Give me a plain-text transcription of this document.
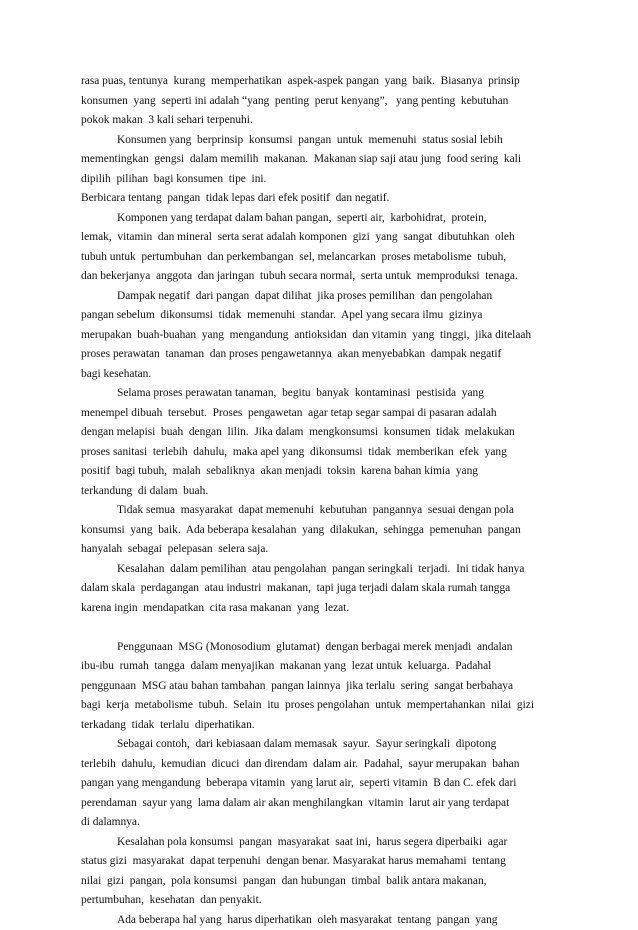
rasa puas, tentunya  kurang  memperhatikan  aspek-aspek pangan  yang  baik.  Biasanya  prinsip
konsumen  yang  seperti ini adalah “yang  penting  perut kenyang”,   yang penting  kebutuhan
pokok makan  3 kali sehari terpenuhi.
Konsumen yang  berprinsip  konsumsi  pangan  untuk  memenuhi  status sosial lebih
mementingkan  gengsi  dalam memilih  makanan.  Makanan siap saji atau jung  food sering  kali
dipilih  pilihan  bagi konsumen  tipe  ini.
Berbicara tentang  pangan  tidak lepas dari efek positif  dan negatif.
Komponen yang terdapat dalam bahan pangan,  seperti air,  karbohidrat,  protein,
lemak,  vitamin  dan mineral  serta serat adalah komponen  gizi  yang  sangat  dibutuhkan  oleh
tubuh untuk  pertumbuhan  dan perkembangan  sel, melancarkan  proses metabolisme  tubuh,
dan bekerjanya  anggota  dan jaringan  tubuh secara normal,  serta untuk  memproduksi  tenaga.
Dampak negatif  dari pangan  dapat dilihat  jika proses pemilihan  dan pengolahan
pangan sebelum  dikonsumsi  tidak  memenuhi  standar.  Apel yang secara ilmu  gizinya
merupakan  buah-buahan  yang  mengandung  antioksidan  dan vitamin  yang  tinggi,  jika ditelaah
proses perawatan  tanaman  dan proses pengawetannya  akan menyebabkan  dampak negatif
bagi kesehatan.
Selama proses perawatan tanaman,  begitu  banyak  kontaminasi  pestisida  yang
menempel dibuah  tersebut.  Proses  pengawetan  agar tetap segar sampai di pasaran adalah
dengan melapisi  buah  dengan  lilin.  Jika dalam  mengkonsumsi  konsumen  tidak  melakukan
proses sanitasi  terlebih  dahulu,  maka apel yang  dikonsumsi  tidak  memberikan  efek  yang
positif  bagi tubuh,  malah  sebaliknya  akan menjadi  toksin  karena bahan kimia  yang
terkandung  di dalam  buah.
Tidak semua  masyarakat  dapat memenuhi  kebutuhan  pangannya  sesuai dengan pola
konsumsi  yang  baik.  Ada beberapa kesalahan  yang  dilakukan,  sehingga  pemenuhan  pangan
hanyalah  sebagai  pelepasan  selera saja.
Kesalahan  dalam pemilihan  atau pengolahan  pangan seringkali  terjadi.  Ini tidak hanya
dalam skala  perdagangan  atau industri  makanan,  tapi juga terjadi dalam skala rumah tangga
karena ingin  mendapatkan  cita rasa makanan  yang  lezat.
Penggunaan  MSG (Monosodium  glutamat)  dengan berbagai merek menjadi  andalan
ibu-ibu  rumah  tangga  dalam menyajikan  makanan yang  lezat untuk  keluarga.  Padahal
penggunaan  MSG atau bahan tambahan  pangan lainnya  jika terlalu  sering  sangat berbahaya
bagi  kerja  metabolisme  tubuh.  Selain  itu  proses pengolahan  untuk  mempertahankan  nilai  gizi
terkadang  tidak  terlalu  diperhatikan.
Sebagai contoh,  dari kebiasaan dalam memasak  sayur.  Sayur seringkali  dipotong
terlebih  dahulu,  kemudian  dicuci  dan direndam  dalam air.  Padahal,  sayur merupakan  bahan
pangan yang mengandung  beberapa vitamin  yang larut air,  seperti vitamin  B dan C. efek dari
perendaman  sayur yang  lama dalam air akan menghilangkan  vitamin  larut air yang terdapat
di dalamnya.
Kesalahan pola konsumsi  pangan  masyarakat  saat ini,  harus segera diperbaiki  agar
status gizi  masyarakat  dapat terpenuhi  dengan benar. Masyarakat harus memahami  tentang
nilai  gizi  pangan,  pola konsumsi  pangan  dan hubungan  timbal  balik antara makanan,
pertumbuhan,  kesehatan  dan penyakit.
Ada beberapa hal yang  harus diperhatikan  oleh masyarakat  tentang  pangan  yang
